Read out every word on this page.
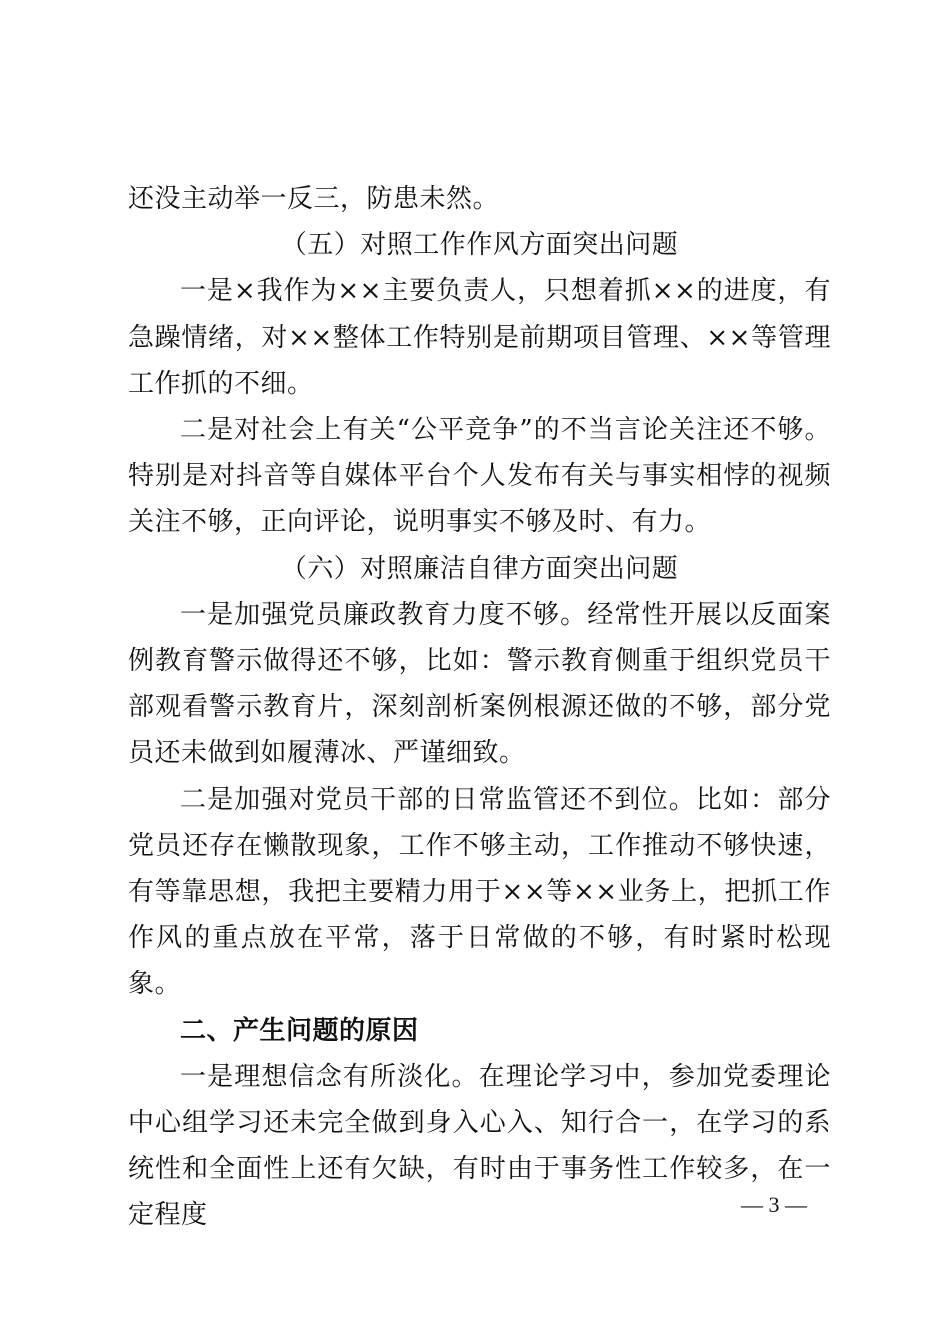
还没主动举一反三，防患未然。

（五）对照工作作风方面突出问题

一是×我作为××主要负责人，只想着抓××的进度，有急躁情绪，对××整体工作特别是前期项目管理、××等管理工作抓的不细。

二是对社会上有关“公平竞争”的不当言论关注还不够。特别是对抖音等自媒体平台个人发布有关与事实相悖的视频关注不够，正向评论，说明事实不够及时、有力。

（六）对照廉洁自律方面突出问题

一是加强党员廉政教育力度不够。经常性开展以反面案例教育警示做得还不够，比如：警示教育侧重于组织党员干部观看警示教育片，深刻剖析案例根源还做的不够，部分党员还未做到如履薄冰、严谨细致。

二是加强对党员干部的日常监管还不到位。比如：部分党员还存在懒散现象，工作不够主动，工作推动不够快速，有等靠思想，我把主要精力用于××等××业务上，把抓工作作风的重点放在平常，落于日常做的不够，有时紧时松现象。

二、产生问题的原因

一是理想信念有所淡化。在理论学习中，参加党委理论中心组学习还未完全做到身入心入、知行合一，在学习的系统性和全面性上还有欠缺，有时由于事务性工作较多，在一定程度	— 3 —
